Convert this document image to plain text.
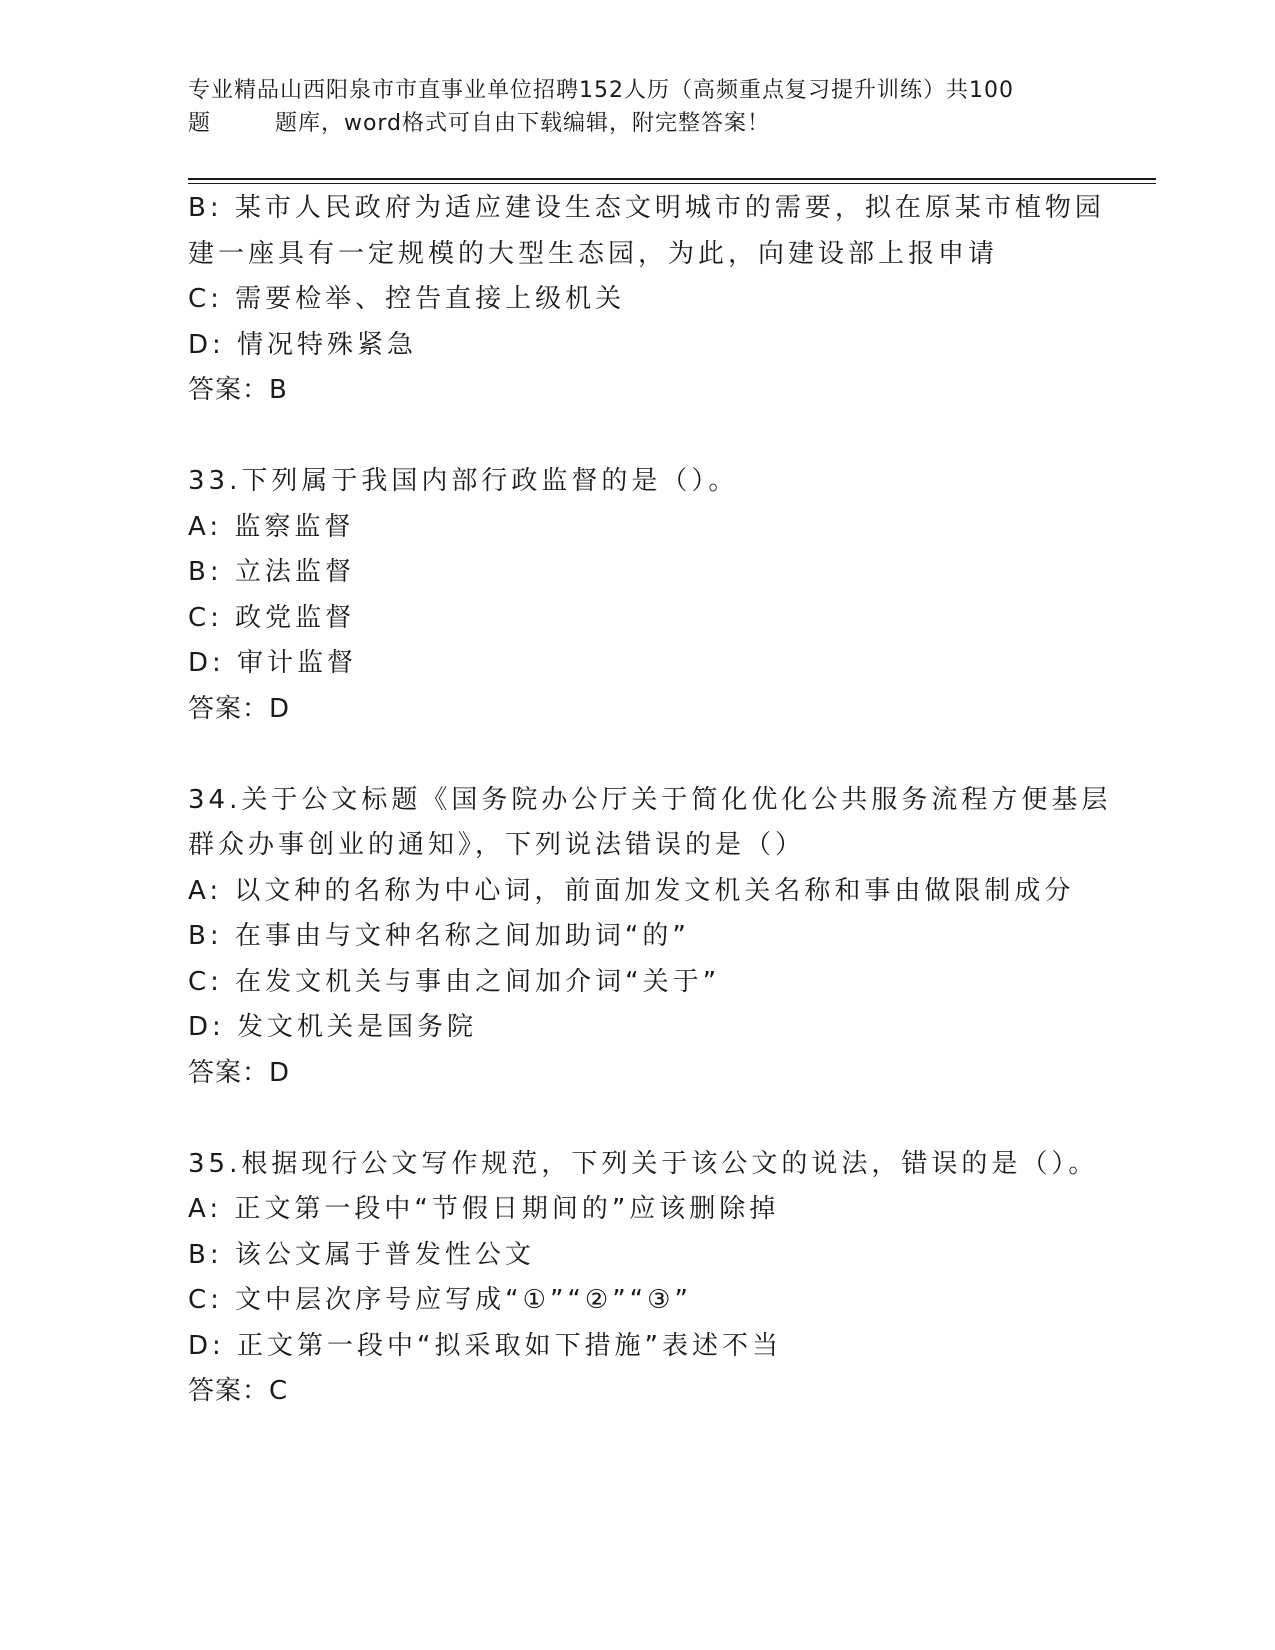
专业精品山西阳泉市市直事业单位招聘152人历（高频重点复习提升训练）共100
题        题库，word格式可自由下载编辑，附完整答案！
B: 某市人民政府为适应建设生态文明城市的需要，拟在原某市植物园
建一座具有一定规模的大型生态园，为此，向建设部上报申请
C: 需要检举、控告直接上级机关
D: 情况特殊紧急
答案：B
33.下列属于我国内部行政监督的是（）。
A: 监察监督
B: 立法监督
C: 政党监督
D: 审计监督
答案：D
34.关于公文标题《国务院办公厅关于简化优化公共服务流程方便基层
群众办事创业的通知》，下列说法错误的是（）
A: 以文种的名称为中心词，前面加发文机关名称和事由做限制成分
B: 在事由与文种名称之间加助词“的”
C: 在发文机关与事由之间加介词“关于”
D: 发文机关是国务院
答案：D
35.根据现行公文写作规范，下列关于该公文的说法，错误的是（）。
A: 正文第一段中“节假日期间的”应该删除掉
B: 该公文属于普发性公文
C: 文中层次序号应写成“①”“②”“③”
D: 正文第一段中“拟采取如下措施”表述不当
答案：C
